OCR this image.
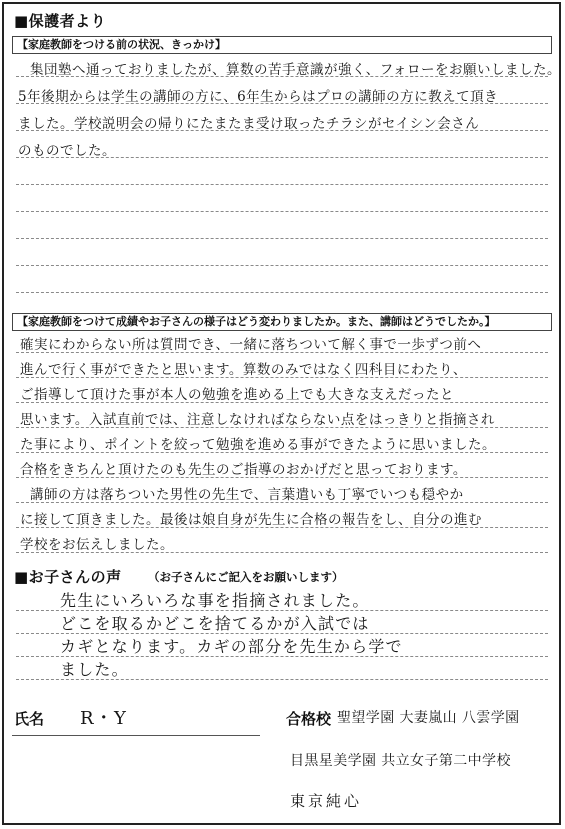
■保護者より
【家庭教師をつける前の状況、きっかけ】
集団塾へ通っておりましたが、算数の苦手意識が強く、フォローをお願いしました。
5年後期からは学生の講師の方に、6年生からはプロの講師の方に教えて頂き
ました。学校説明会の帰りにたまたま受け取ったチラシがセイシン会さん
のものでした。
【家庭教師をつけて成績やお子さんの様子はどう変わりましたか。また、講師はどうでしたか。】
確実にわからない所は質問でき、一緒に落ちついて解く事で一歩ずつ前へ
進んで行く事ができたと思います。算数のみではなく四科目にわたり、
ご指導して頂けた事が本人の勉強を進める上でも大きな支えだったと
思います。入試直前では、注意しなければならない点をはっきりと指摘され
た事により、ポイントを絞って勉強を進める事ができたように思いました。
合格をきちんと頂けたのも先生のご指導のおかげだと思っております。
講師の方は落ちついた男性の先生で、言葉遣いも丁寧でいつも穏やか
に接して頂きました。最後は娘自身が先生に合格の報告をし、自分の進む
学校をお伝えしました。
■お子さんの声 （お子さんにご記入をお願いします）
先生にいろいろな事を指摘されました。
どこを取るかどこを捨てるかが入試では
カギとなります。カギの部分を先生から学で
ました。
氏名 R・Y	合格校 聖望学園 大妻嵐山 八雲学園
目黒星美学園 共立女子第二中学校
東京純心
